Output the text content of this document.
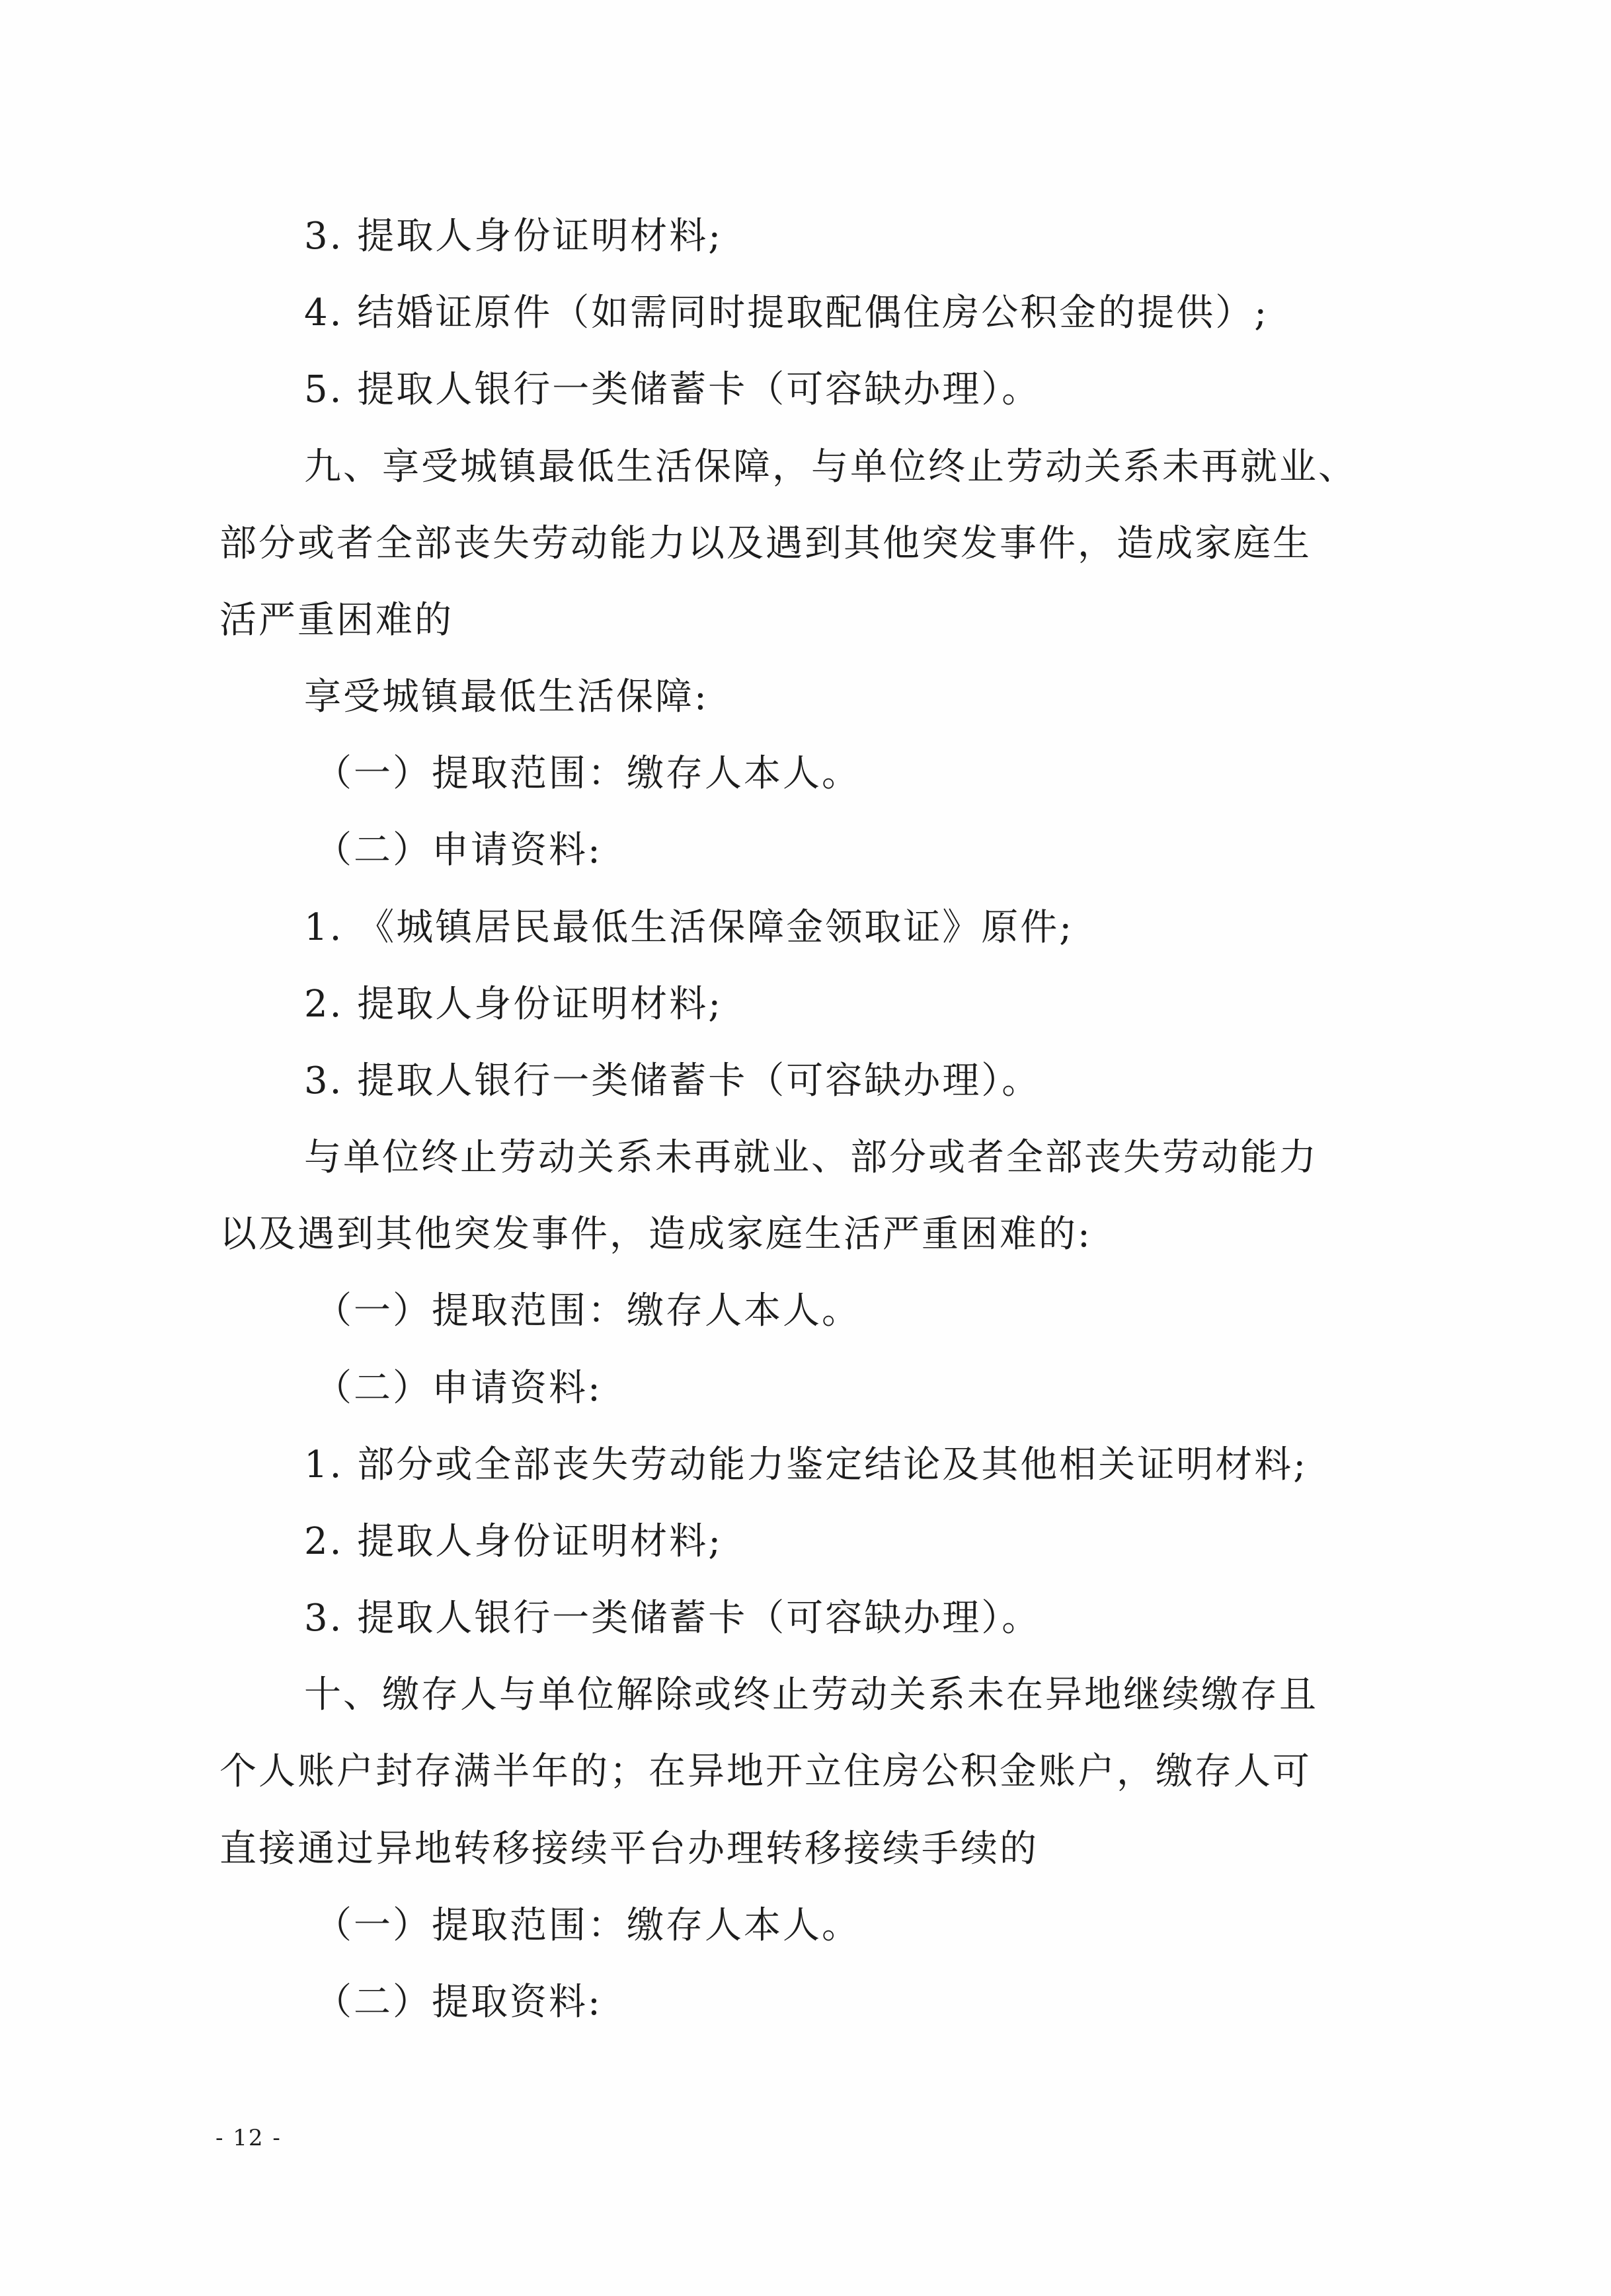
3. 提取人身份证明材料;
4. 结婚证原件（如需同时提取配偶住房公积金的提供）;
5. 提取人银行一类储蓄卡（可容缺办理）。
九、享受城镇最低生活保障，与单位终止劳动关系未再就业、
部分或者全部丧失劳动能力以及遇到其他突发事件，造成家庭生
活严重困难的
享受城镇最低生活保障:
（一）提取范围：缴存人本人。
（二）申请资料:
1. 《城镇居民最低生活保障金领取证》原件;
2. 提取人身份证明材料;
3. 提取人银行一类储蓄卡（可容缺办理）。
与单位终止劳动关系未再就业、部分或者全部丧失劳动能力
以及遇到其他突发事件，造成家庭生活严重困难的:
（一）提取范围：缴存人本人。
（二）申请资料:
1. 部分或全部丧失劳动能力鉴定结论及其他相关证明材料;
2. 提取人身份证明材料;
3. 提取人银行一类储蓄卡（可容缺办理）。
十、缴存人与单位解除或终止劳动关系未在异地继续缴存且
个人账户封存满半年的；在异地开立住房公积金账户，缴存人可
直接通过异地转移接续平台办理转移接续手续的
（一）提取范围：缴存人本人。
（二）提取资料:
- 12 -
